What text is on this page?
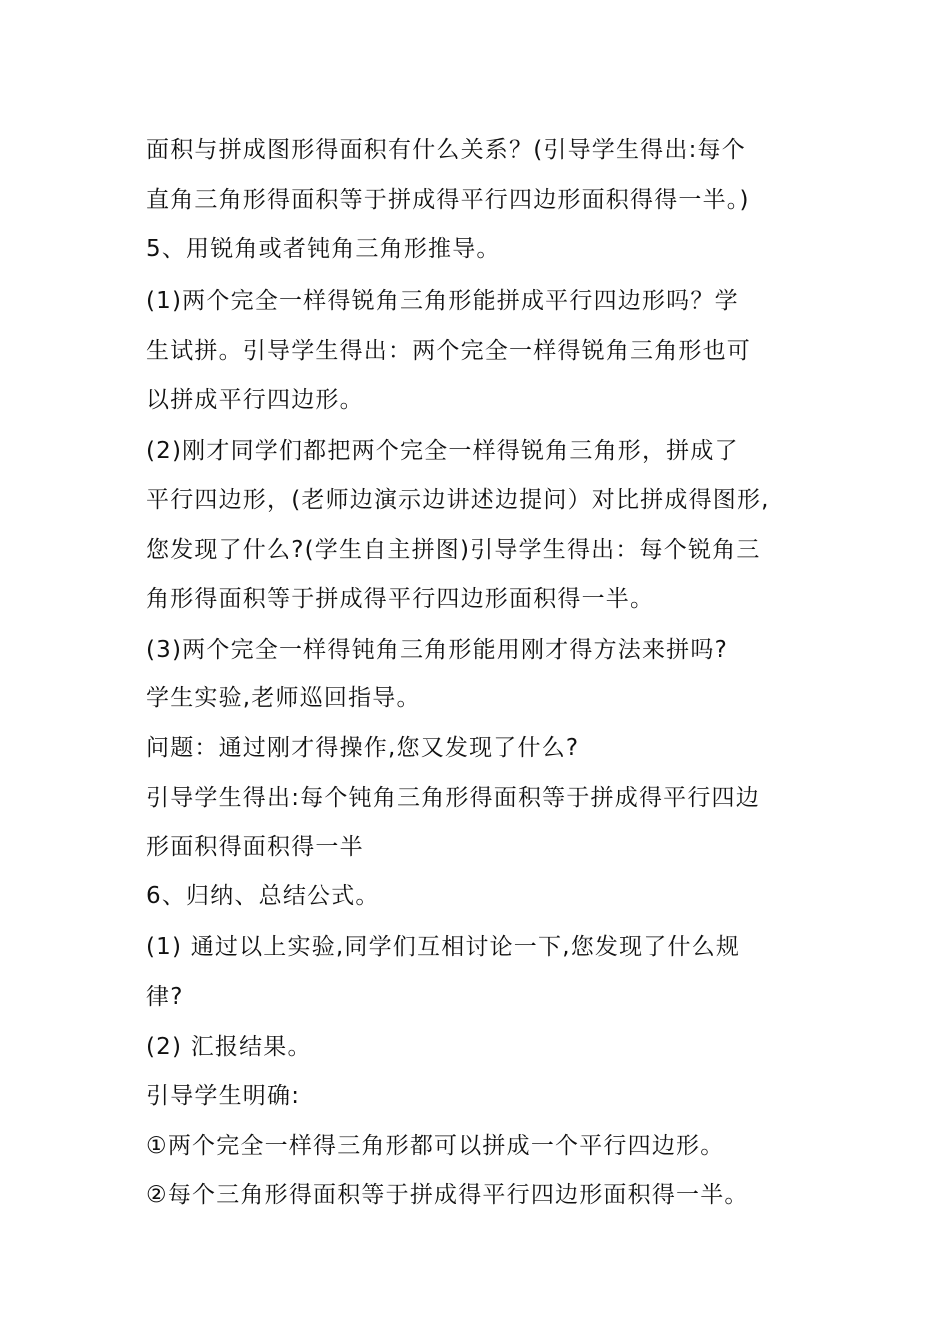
面积与拼成图形得面积有什么关系？(引导学生得出:每个
直角三角形得面积等于拼成得平行四边形面积得得一半。)
5、用锐角或者钝角三角形推导。
(1)两个完全一样得锐角三角形能拼成平行四边形吗？学
生试拼。引导学生得出：两个完全一样得锐角三角形也可
以拼成平行四边形。
(2)刚才同学们都把两个完全一样得锐角三角形，拼成了
平行四边形，(老师边演示边讲述边提问）对比拼成得图形,
您发现了什么?(学生自主拼图)引导学生得出：每个锐角三
角形得面积等于拼成得平行四边形面积得一半。
(3)两个完全一样得钝角三角形能用刚才得方法来拼吗?
学生实验,老师巡回指导。
问题：通过刚才得操作,您又发现了什么?
引导学生得出:每个钝角三角形得面积等于拼成得平行四边
形面积得面积得一半
6、归纳、总结公式。
(1) 通过以上实验,同学们互相讨论一下,您发现了什么规
律?
(2) 汇报结果。
引导学生明确:
①两个完全一样得三角形都可以拼成一个平行四边形。
②每个三角形得面积等于拼成得平行四边形面积得一半。
